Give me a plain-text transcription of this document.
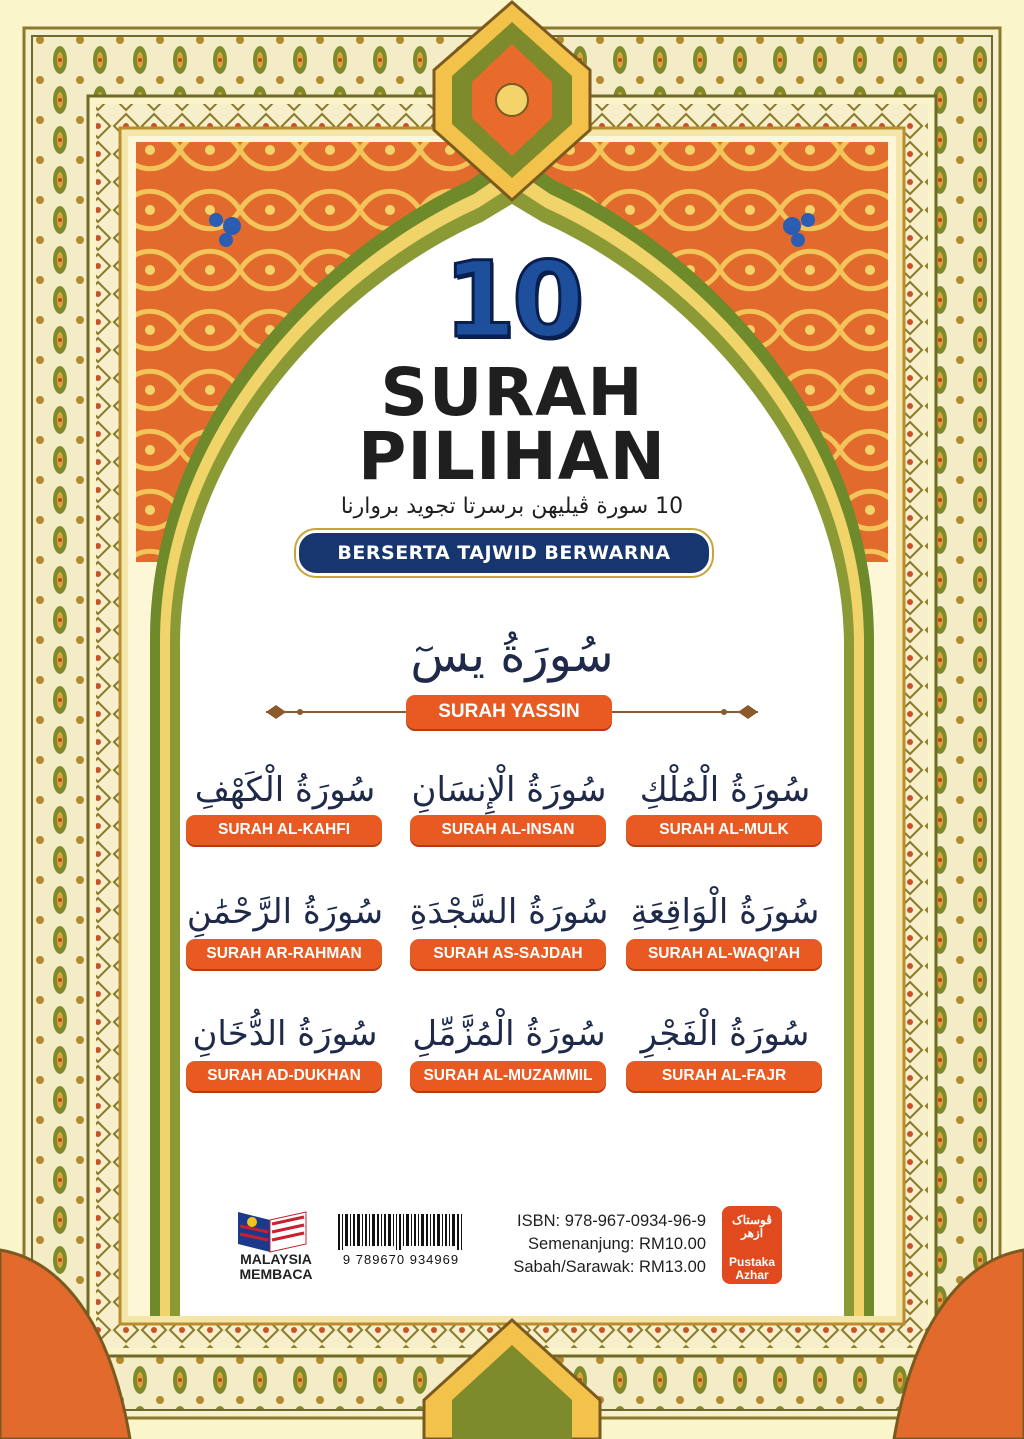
10
SURAH
PILIHAN
10 سورة ڤيليهن برسرتا تجويد بروارنا
BERSERTA TAJWID BERWARNA
سُورَةُ يسٓ
SURAH YASSIN
سُورَةُ الْمُلْكِ
SURAH AL-MULK
سُورَةُ الْإِنسَانِ
SURAH AL-INSAN
سُورَةُ الْكَهْفِ
SURAH AL-KAHFI
سُورَةُ الْوَاقِعَةِ
SURAH AL-WAQI'AH
سُورَةُ السَّجْدَةِ
SURAH AS-SAJDAH
سُورَةُ الرَّحْمَٰنِ
SURAH AR-RAHMAN
سُورَةُ الْفَجْرِ
SURAH AL-FAJR
سُورَةُ الْمُزَّمِّلِ
SURAH AL-MUZAMMIL
سُورَةُ الدُّخَانِ
SURAH AD-DUKHAN
MALAYSIA
MEMBACA
9 789670 934969
ISBN: 978-967-0934-96-9
Semenanjung: RM10.00
Sabah/Sarawak: RM13.00
ڤوستاک ازهر
Pustaka
Azhar
